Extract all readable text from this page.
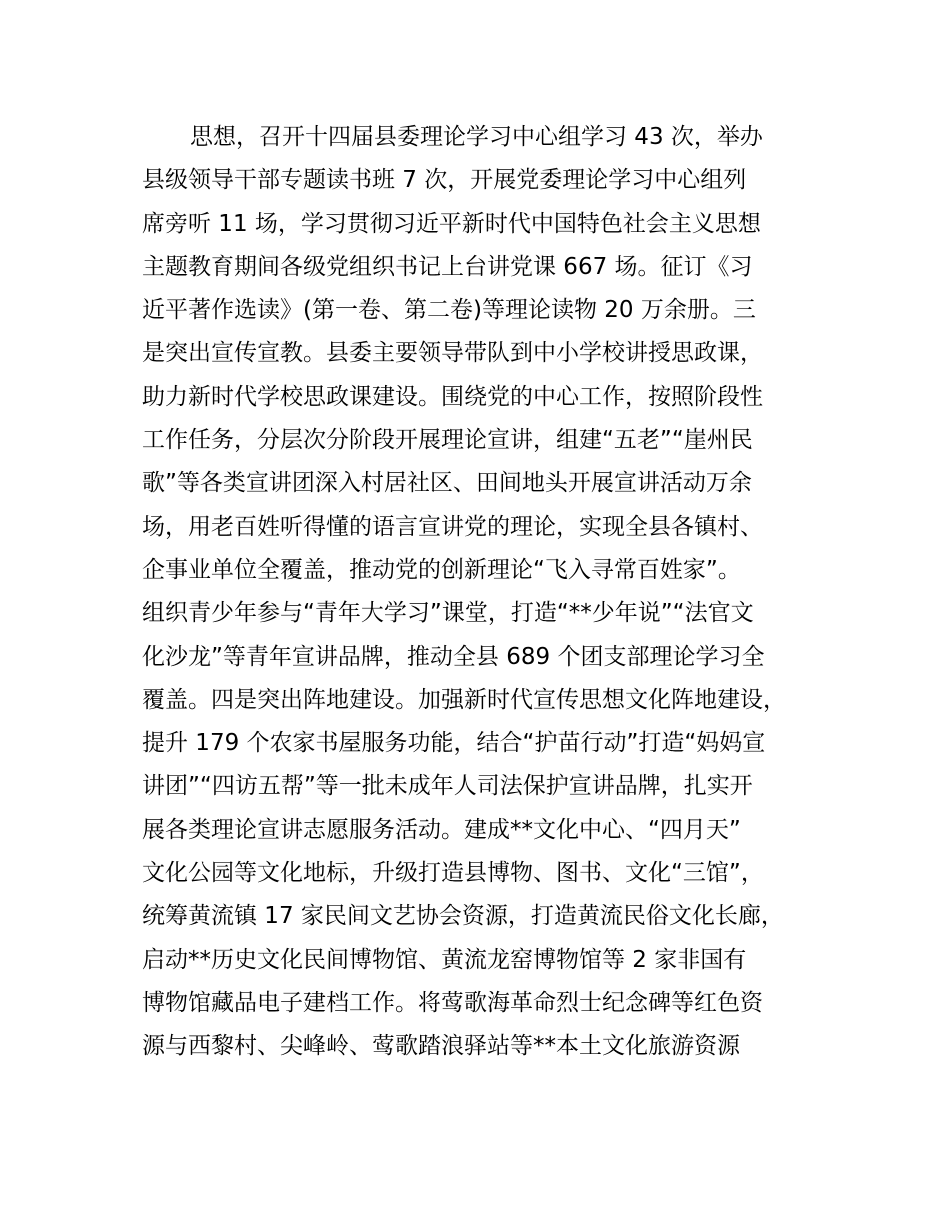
思想，召开十四届县委理论学习中心组学习 43 次，举办
县级领导干部专题读书班 7 次，开展党委理论学习中心组列
席旁听 11 场，学习贯彻习近平新时代中国特色社会主义思想
主题教育期间各级党组织书记上台讲党课 667 场。征订《习
近平著作选读》(第一卷、第二卷)等理论读物 20 万余册。三
是突出宣传宣教。县委主要领导带队到中小学校讲授思政课，
助力新时代学校思政课建设。围绕党的中心工作，按照阶段性
工作任务，分层次分阶段开展理论宣讲，组建“五老”“崖州民
歌”等各类宣讲团深入村居社区、田间地头开展宣讲活动万余
场，用老百姓听得懂的语言宣讲党的理论，实现全县各镇村、
企事业单位全覆盖，推动党的创新理论“飞入寻常百姓家”。
组织青少年参与“青年大学习”课堂，打造“**少年说”“法官文
化沙龙”等青年宣讲品牌，推动全县 689 个团支部理论学习全
覆盖。四是突出阵地建设。加强新时代宣传思想文化阵地建设，
提升 179 个农家书屋服务功能，结合“护苗行动”打造“妈妈宣
讲团”“四访五帮”等一批未成年人司法保护宣讲品牌，扎实开
展各类理论宣讲志愿服务活动。建成**文化中心、“四月天”
文化公园等文化地标，升级打造县博物、图书、文化“三馆”，
统筹黄流镇 17 家民间文艺协会资源，打造黄流民俗文化长廊，
启动**历史文化民间博物馆、黄流龙窑博物馆等 2 家非国有
博物馆藏品电子建档工作。将莺歌海革命烈士纪念碑等红色资
源与西黎村、尖峰岭、莺歌踏浪驿站等**本土文化旅游资源
